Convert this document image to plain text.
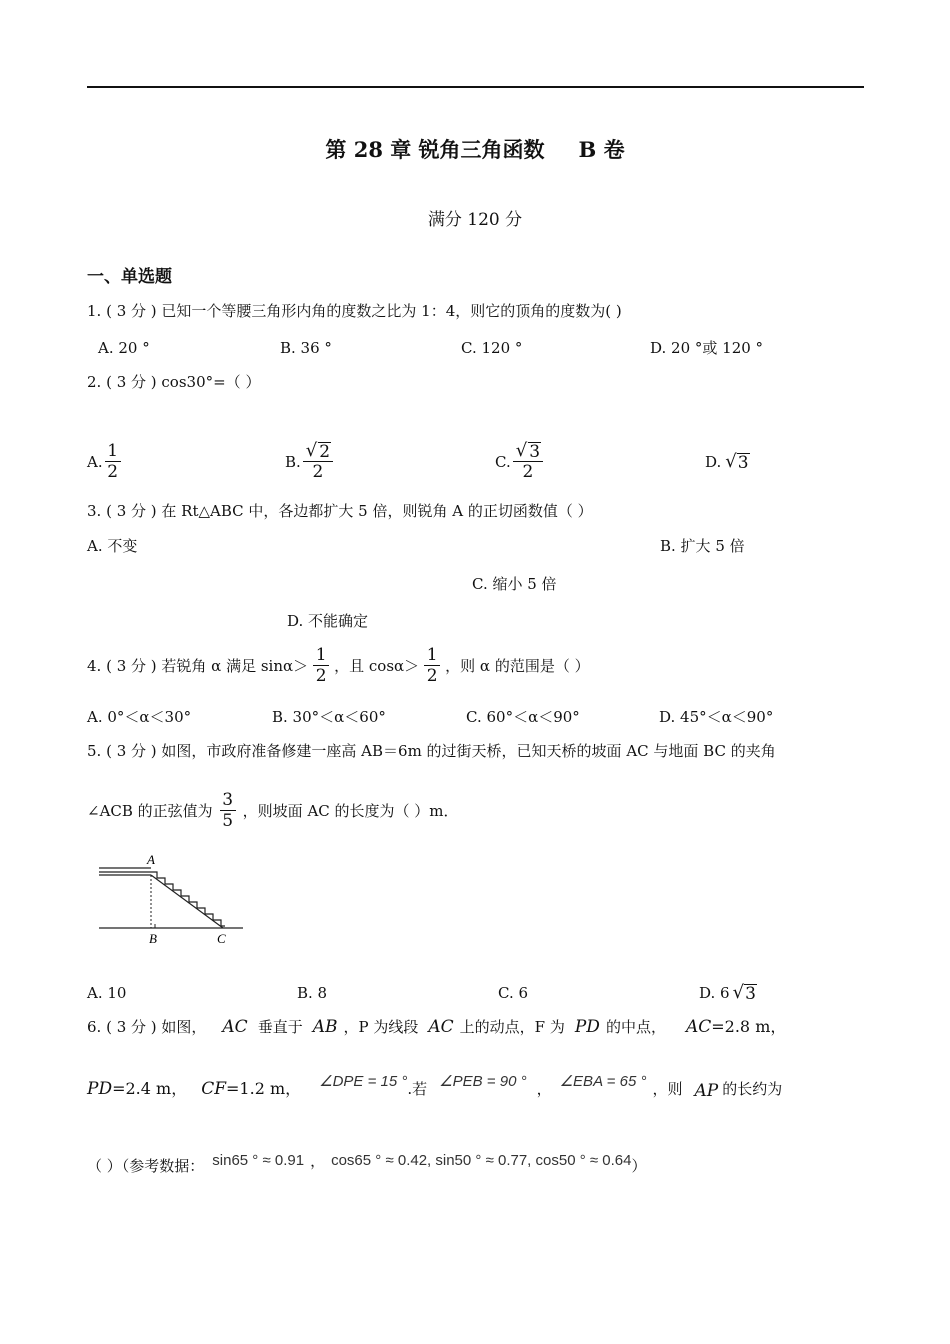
第 28 章 锐角三角函数 B 卷
满分 120 分
一、单选题
1. ( 3 分 ) 已知一个等腰三角形内角的度数之比为 1：4，则它的顶角的度数为( )
A. 20 °	B. 36 °	C. 120 °	D. 20 °或 120 °
2. ( 3 分 ) cos30°=（ ）
A. $\frac{1}{2}$	B. $\frac{√ 2}{2}$	C. $\frac{√ 3}{2}$	D. √ 3
3. ( 3 分 ) 在 Rt△ABC 中，各边都扩大 5 倍，则锐角 A 的正切函数值（ ）
A. 不变	B. 扩大 5 倍
C. 缩小 5 倍
D. 不能确定
4. ( 3 分 ) 若锐角 α 满足 $\sin\alpha> \frac{1}{2}$ ，且 $\cos\alpha> \frac{1}{2}$ ，则 α 的范围是（ ）
A. 0°＜α＜30°	B. 30°＜α＜60°	C. 60°＜α＜90°	D. 45°＜α＜90°
5. ( 3 分 ) 如图，市政府准备修建一座高 AB＝6m 的过街天桥，已知天桥的坡面 AC 与地面 BC 的夹角
∠ACB 的正弦值为 $\frac{3}{5}$ ，则坡面 AC 的长度为（ ）m．
A
B	C
A. 10	B. 8	C. 6	D. 6 √ 3
6. ( 3 分 ) 如图， AC 垂直于 AB ，P 为线段 AC 上的动点，F 为 PD 的中点， AC =2.8 m，
PD =2.4 m， CF =1.2 m， ∠DPE = 15 ° .若 ∠PEB = 90 ° ， ∠EBA = 65 ° ，则 AP 的长约为
（ ）（参考数据： sin65 ° ≈ 0.91 ， cos65 ° ≈ 0.42, sin50 ° ≈ 0.77, cos50 ° ≈ 0.64 ）
